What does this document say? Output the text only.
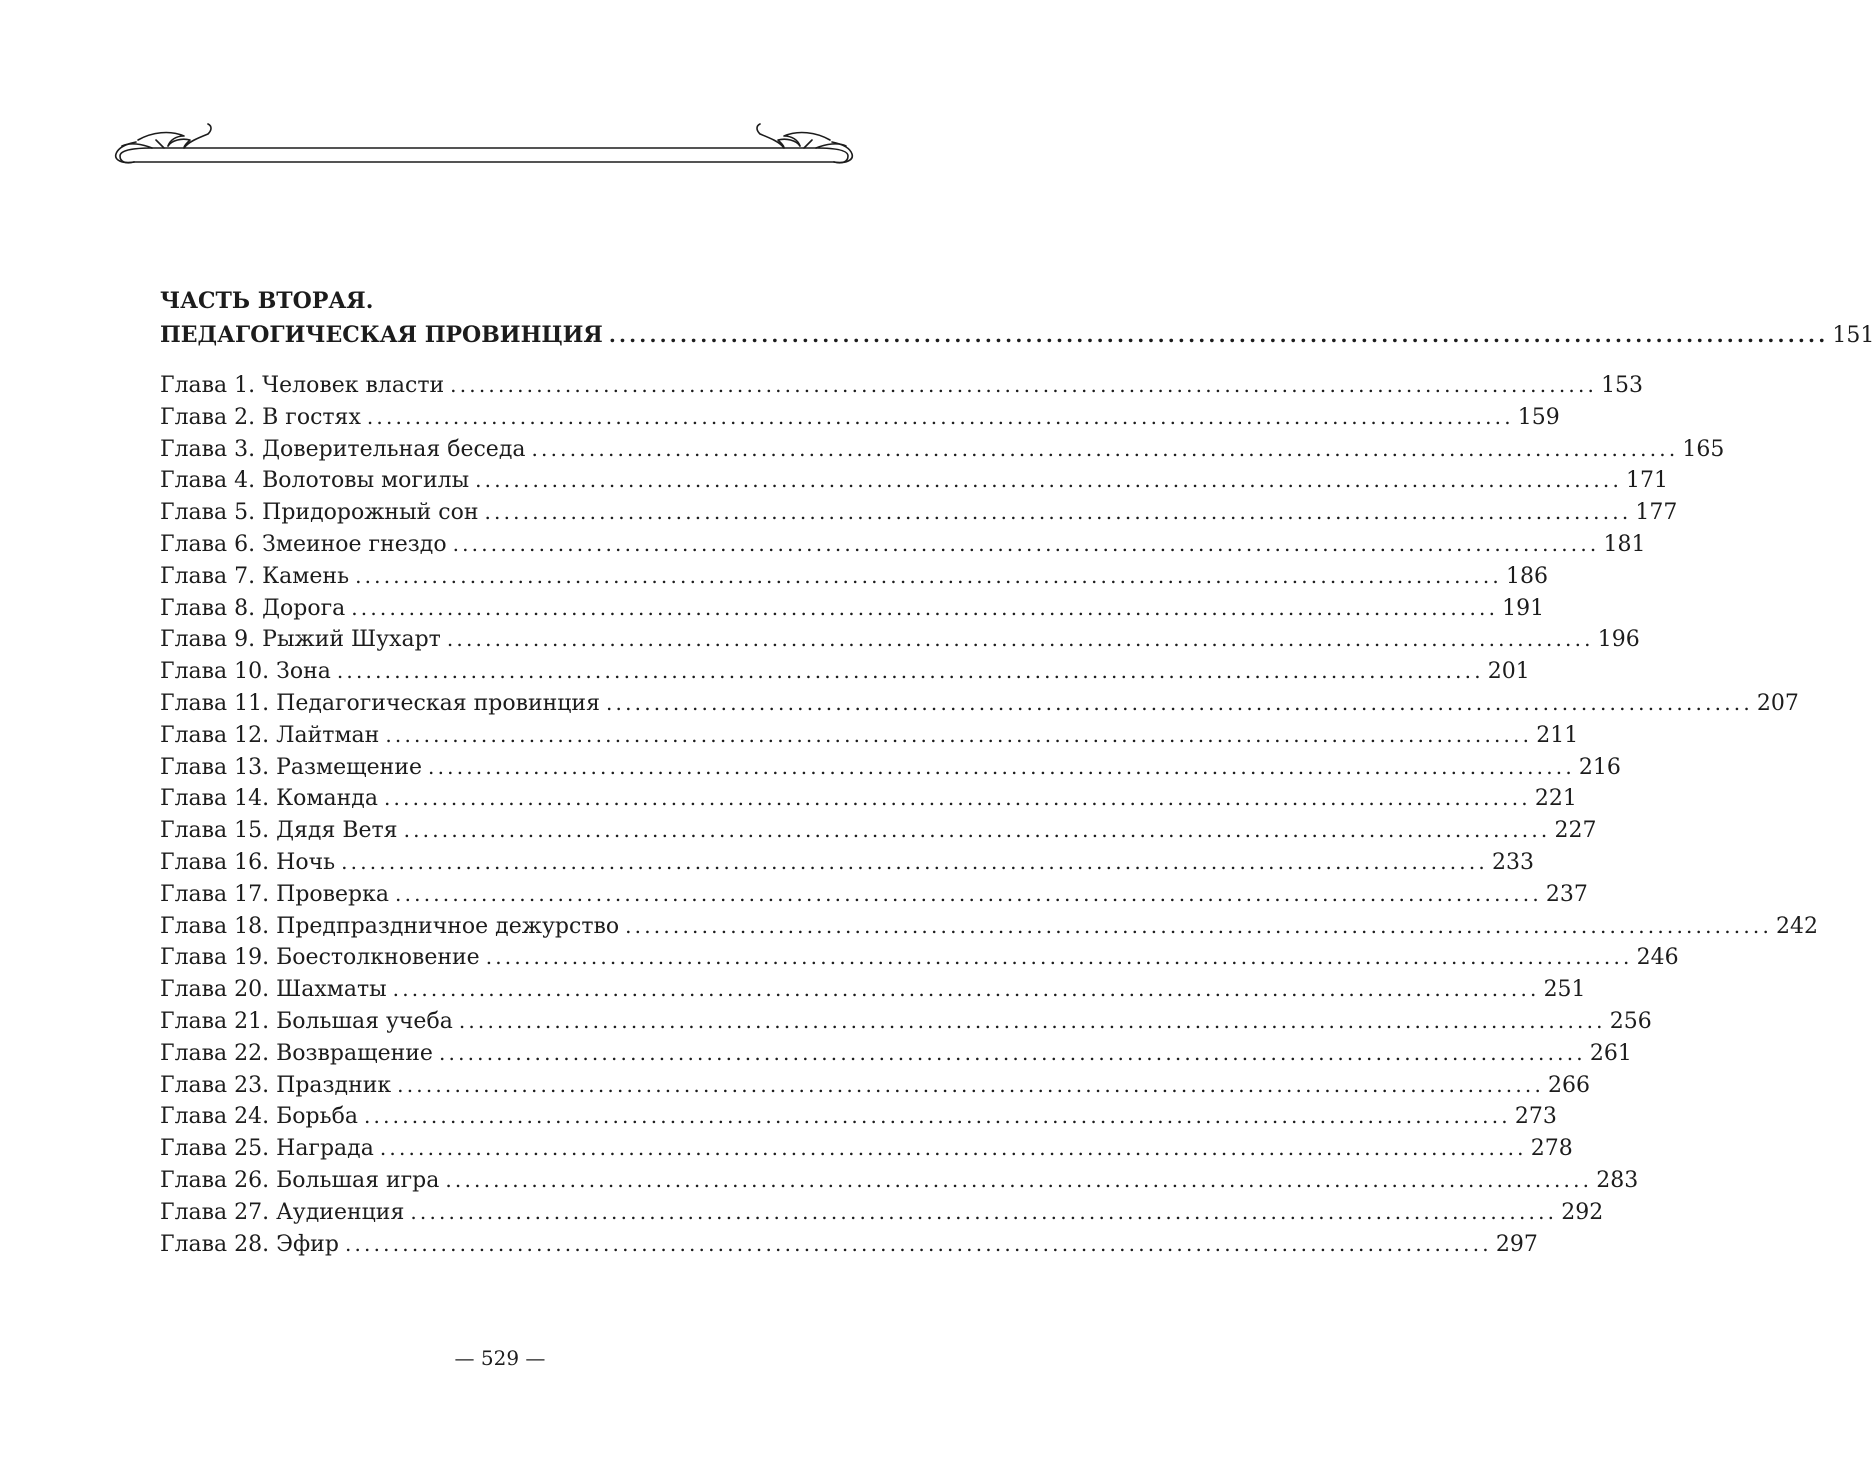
ЧАСТЬ ВТОРАЯ.
ПЕДАГОГИЧЕСКАЯ ПРОВИНЦИЯ ........................................................................................................................ 151
Глава 1. Человек власти ........................................................................................................................ 153
Глава 2. В гостях ........................................................................................................................ 159
Глава 3. Доверительная беседа ........................................................................................................................ 165
Глава 4. Волотовы могилы ........................................................................................................................ 171
Глава 5. Придорожный сон ........................................................................................................................ 177
Глава 6. Змеиное гнездо ........................................................................................................................ 181
Глава 7. Камень ........................................................................................................................ 186
Глава 8. Дорога ........................................................................................................................ 191
Глава 9. Рыжий Шухарт ........................................................................................................................ 196
Глава 10. Зона ........................................................................................................................ 201
Глава 11. Педагогическая провинция ........................................................................................................................ 207
Глава 12. Лайтман ........................................................................................................................ 211
Глава 13. Размещение ........................................................................................................................ 216
Глава 14. Команда ........................................................................................................................ 221
Глава 15. Дядя Ветя ........................................................................................................................ 227
Глава 16. Ночь ........................................................................................................................ 233
Глава 17. Проверка ........................................................................................................................ 237
Глава 18. Предпраздничное дежурство ........................................................................................................................ 242
Глава 19. Боестолкновение ........................................................................................................................ 246
Глава 20. Шахматы ........................................................................................................................ 251
Глава 21. Большая учеба ........................................................................................................................ 256
Глава 22. Возвращение ........................................................................................................................ 261
Глава 23. Праздник ........................................................................................................................ 266
Глава 24. Борьба ........................................................................................................................ 273
Глава 25. Награда ........................................................................................................................ 278
Глава 26. Большая игра ........................................................................................................................ 283
Глава 27. Аудиенция ........................................................................................................................ 292
Глава 28. Эфир ........................................................................................................................ 297
— 529 —
